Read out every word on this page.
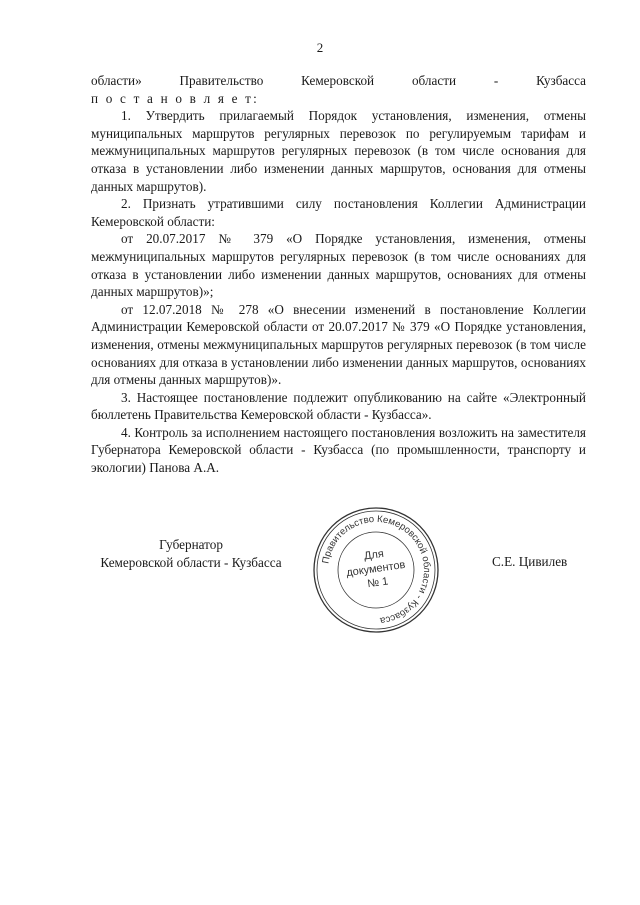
2

области» Правительство Кемеровской области - Кузбасса

п о с т а н о в л я е т:

1. Утвердить прилагаемый Порядок установления, изменения, отмены муниципальных маршрутов регулярных перевозок по регулируемым тарифам и межмуниципальных маршрутов регулярных перевозок (в том числе основания для отказа в установлении либо изменении данных маршрутов, основания для отмены данных маршрутов).

2. Признать утратившими силу постановления Коллегии Администрации Кемеровской области:

от 20.07.2017 № 379 «О Порядке установления, изменения, отмены межмуниципальных маршрутов регулярных перевозок (в том числе основаниях для отказа в установлении либо изменении данных маршрутов, основаниях для отмены данных маршрутов)»;

от 12.07.2018 № 278 «О внесении изменений в постановление Коллегии Администрации Кемеровской области от 20.07.2017 № 379 «О Порядке установления, изменения, отмены межмуниципальных маршрутов регулярных перевозок (в том числе основаниях для отказа в установлении либо изменении данных маршрутов, основаниях для отмены данных маршрутов)».

3. Настоящее постановление подлежит опубликованию на сайте «Электронный бюллетень Правительства Кемеровской области - Кузбасса».

4. Контроль за исполнением настоящего постановления возложить на заместителя Губернатора Кемеровской области - Кузбасса (по промышленности, транспорту и экологии) Панова А.А.

Губернатор
Кемеровской области - Кузбасса	Правительство Кемеровской области - Кузбасса
Для
документов
№ 1
С.Е. Цивилев
